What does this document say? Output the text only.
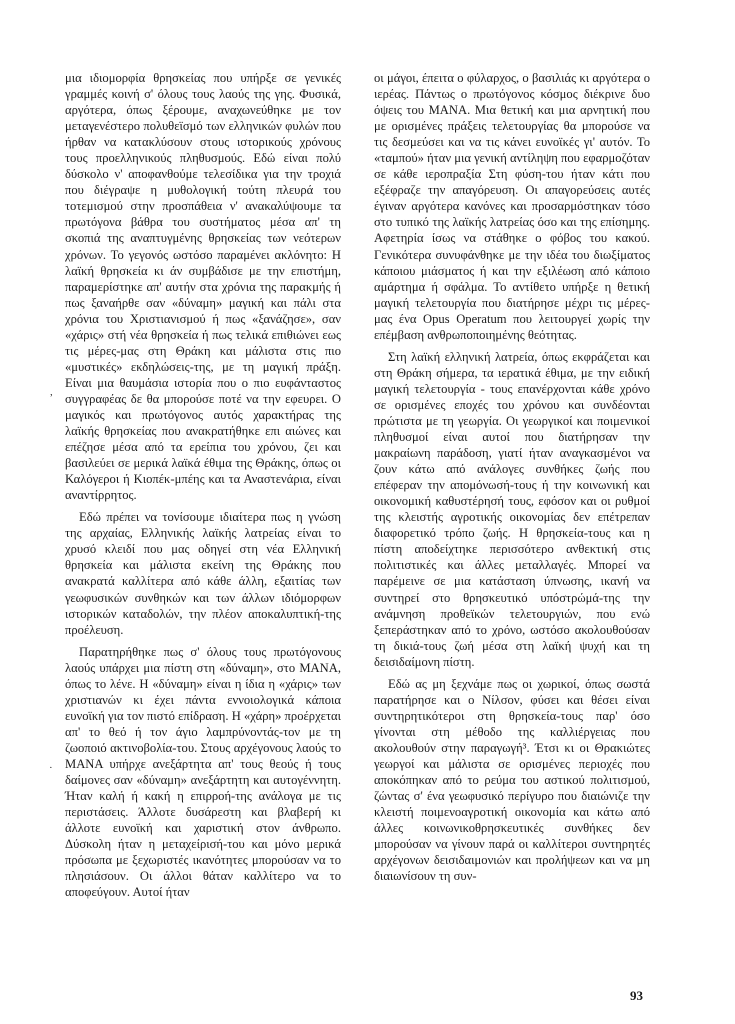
μια ιδιομορφία θρησκείας που υπήρξε σε γενικές γραμμές κοινή σ' όλους τους λαούς της γης. Φυσικά, αργότερα, όπως ξέρουμε, αναχωνεύθηκε με τον μεταγενέστερο πολυθεϊσμό των ελληνικών φυλών που ήρθαν να κατακλύσουν στους ιστορικούς χρόνους τους προελληνικούς πληθυσμούς. Εδώ είναι πολύ δύσκολο ν' αποφανθούμε τελεσίδικα για την τροχιά που διέγραψε η μυθολογική τούτη πλευρά του τοτεμισμού στην προσπάθεια ν' ανακαλύψουμε τα πρωτόγονα βάθρα του συστήματος μέσα απ' τη σκοπιά της αναπτυγμένης θρησκείας των νεότερων χρόνων. Το γεγονός ωστόσο παραμένει ακλόνητο: Η λαϊκή θρησκεία κι άν συμβάδισε με την επιστήμη, παραμερίστηκε απ' αυτήν στα χρόνια της παρακμής ή πως ξαναήρθε σαν «δύναμη» μαγική και πάλι στα χρόνια του Χριστιανισμού ή πως «ξανάζησε», σαν «χάρις» στή νέα θρησκεία ή πως τελικά επιθιώνει εως τις μέρες-μας στη Θράκη και μάλιστα στις πιο «μυστικές» εκδηλώσεις-της, με τη μαγική πράξη. Είναι μια θαυμάσια ιστορία που ο πιο ευφάνταστος συγγραφέας δε θα μπορούσε ποτέ να την εφευρει. Ο μαγικός και πρωτόγονος αυτός χαρακτήρας της λαϊκής θρησκείας που ανακρατήθηκε επι αιώνες και επέζησε μέσα από τα ερείπια του χρόνου, ζει και βασιλεύει σε μερικά λαϊκά έθιμα της Θράκης, όπως οι Καλόγεροι ή Κιοπέκ-μπέης και τα Αναστενάρια, είναι αναντίρρητος.

Εδώ πρέπει να τονίσουμε ιδιαίτερα πως η γνώση της αρχαίας, Ελληνικής λαϊκής λατρείας είναι το χρυσό κλειδί που μας οδηγεί στη νέα Ελληνική θρησκεία και μάλιστα εκείνη της Θράκης που ανακρατά καλλίτερα από κάθε άλλη, εξαιτίας των γεωφυσικών συνθηκών και των άλλων ιδιόμορφων ιστορικών καταδολών, την πλέον αποκαλυπτική-της προέλευση.

Παρατηρήθηκε πως σ' όλους τους πρωτόγονους λαούς υπάρχει μια πίστη στη «δύναμη», στο ΜΑΝΑ, όπως το λένε. Η «δύναμη» είναι η ίδια η «χάρις» των χριστιανών κι έχει πάντα εννοιολογικά κάποια ευνοϊκή για τον πιστό επίδραση. Η «χάρη» προέρχεται απ' το θεό ή τον άγιο λαμπρύνοντάς-τον με τη ζωοποιό ακτινοβολία-του. Στους αρχέγονους λαούς το ΜΑΝΑ υπήρχε ανεξάρτητα απ' τους θεούς ή τους δαίμονες σαν «δύναμη» ανεξάρτητη και αυτογέννητη. Ήταν καλή ή κακή η επιρροή-της ανάλογα με τις περιστάσεις. Άλλοτε δυσάρεστη και βλαβερή κι άλλοτε ευνοϊκή και χαριστική στον άνθρωπο. Δύσκολη ήταν η μεταχείρισή-του και μόνο μερικά πρόσωπα με ξεχωριστές ικανότητες μπορούσαν να το πλησιάσουν. Οι άλλοι θάταν καλλίτερο να το αποφεύγουν. Αυτοί ήταν

οι μάγοι, έπειτα ο φύλαρχος, ο βασιλιάς κι αργότερα ο ιερέας. Πάντως ο πρωτόγονος κόσμος διέκρινε δυο όψεις του ΜΑΝΑ. Μια θετική και μια αρνητική που με ορισμένες πράξεις τελετουργίας θα μπορούσε να τις δεσμεύσει και να τις κάνει ευνοϊκές γι' αυτόν. Το «ταμπού» ήταν μια γενική αντίληψη που εφαρμοζόταν σε κάθε ιεροπραξία Στη φύση-του ήταν κάτι που εξέφραζε την απαγόρευση. Οι απαγορεύσεις αυτές έγιναν αργότερα κανόνες και προσαρμόστηκαν τόσο στο τυπικό της λαϊκής λατρείας όσο και της επίσημης. Αφετηρία ίσως να στάθηκε ο φόβος του κακού. Γενικότερα συνυφάνθηκε με την ιδέα του διωξίματος κάποιου μιάσματος ή και την εξιλέωση από κάποιο αμάρτημα ή σφάλμα. Το αντίθετο υπήρξε η θετική μαγική τελετουργία που διατήρησε μέχρι τις μέρες-μας ένα Opus Operatum που λειτουργεί χωρίς την επέμβαση ανθρωποποιημένης θεότητας.

Στη λαϊκή ελληνική λατρεία, όπως εκφράζεται και στη Θράκη σήμερα, τα ιερατικά έθιμα, με την ειδική μαγική τελετουργία - τους επανέρχονται κάθε χρόνο σε ορισμένες εποχές του χρόνου και συνδέονται πρώτιστα με τη γεωργία. Οι γεωργικοί και ποιμενικοί πληθυσμοί είναι αυτοί που διατήρησαν την μακραίωνη παράδοση, γιατί ήταν αναγκασμένοι να ζουν κάτω από ανάλογες συνθήκες ζωής που επέφεραν την απομόνωσή-τους ή την κοινωνική και οικονομική καθυστέρησή τους, εφόσον και οι ρυθμοί της κλειστής αγροτικής οικονομίας δεν επέτρεπαν διαφορετικό τρόπο ζωής. Η θρησκεία-τους και η πίστη αποδείχτηκε περισσότερο ανθεκτική στις πολιτιστικές και άλλες μεταλλαγές. Μπορεί να παρέμεινε σε μια κατάσταση ύπνωσης, ικανή να συντηρεί στο θρησκευτικό υπόστρώμά-της την ανάμνηση προθεϊκών τελετουργιών, που ενώ ξεπεράστηκαν από το χρόνο, ωστόσο ακολουθούσαν τη δικιά-τους ζωή μέσα στη λαϊκή ψυχή και τη δεισιδαίμονη πίστη.

Εδώ ας μη ξεχνάμε πως οι χωρικοί, όπως σωστά παρατήρησε και ο Νίλσον, φύσει και θέσει είναι συντηρητικότεροι στη θρησκεία-τους παρ' όσο γίνονται στη μέθοδο της καλλιέργειας που ακολουθούν στην παραγωγή³. Έτσι κι οι Θρακιώτες γεωργοί και μάλιστα σε ορισμένες περιοχές που αποκόπηκαν από το ρεύμα του αστικού πολιτισμού, ζώντας σ' ένα γεωφυσικό περίγυρο που διαιώνιζε την κλειστή ποιμενοαγροτική οικονομία και κάτω από άλλες κοινωνικοθρησκευτικές συνθήκες δεν μπορούσαν να γίνουν παρά οι καλλίτεροι συντηρητές αρχέγονων δεισιδαιμονιών και προλήψεων και να μη διαιωνίσουν τη συν-

,
·
93
